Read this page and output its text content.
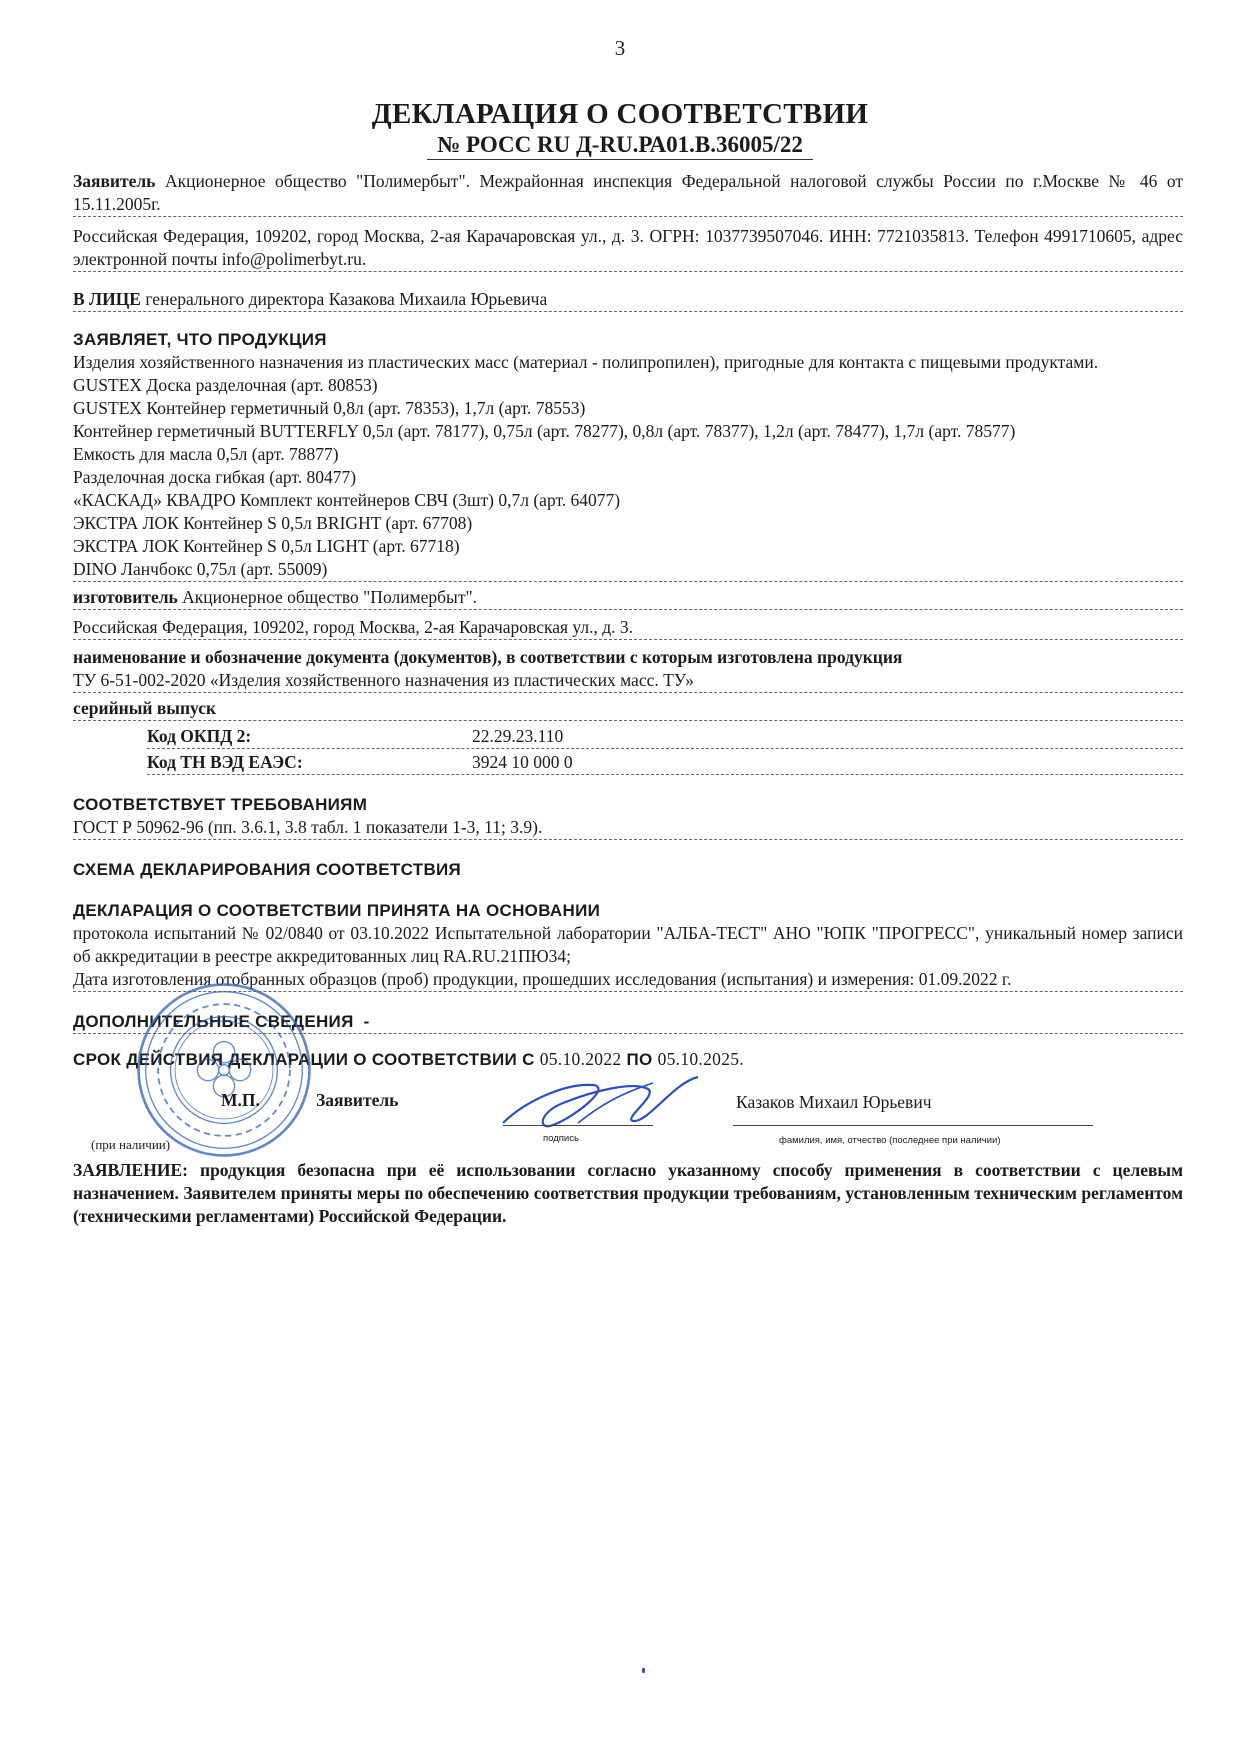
3
ДЕКЛАРАЦИЯ О СООТВЕТСТВИИ
№ РОСС RU Д-RU.РА01.В.36005/22
Заявитель Акционерное общество "Полимербыт". Межрайонная инспекция Федеральной налоговой службы России по г.Москве № 46 от 15.11.2005г.
Российская Федерация, 109202, город Москва, 2-ая Карачаровская ул., д. 3. ОГРН: 1037739507046. ИНН: 7721035813. Телефон 4991710605, адрес электронной почты info@polimerbyt.ru.
В ЛИЦЕ генерального директора Казакова Михаила Юрьевича
ЗАЯВЛЯЕТ, ЧТО ПРОДУКЦИЯ
Изделия хозяйственного назначения из пластических масс (материал - полипропилен), пригодные для контакта с пищевыми продуктами.
GUSTEX Доска разделочная (арт. 80853)
GUSTEX Контейнер герметичный 0,8л (арт. 78353), 1,7л (арт. 78553)
Контейнер герметичный BUTTERFLY 0,5л (арт. 78177), 0,75л (арт. 78277), 0,8л (арт. 78377), 1,2л (арт. 78477), 1,7л (арт. 78577)
Емкость для масла 0,5л (арт. 78877)
Разделочная доска гибкая (арт. 80477)
«КАСКАД» КВАДРО Комплект контейнеров СВЧ (3шт) 0,7л (арт. 64077)
ЭКСТРА ЛОК Контейнер S 0,5л BRIGHT (арт. 67708)
ЭКСТРА ЛОК Контейнер S 0,5л LIGHT (арт. 67718)
DINO Ланчбокс 0,75л (арт. 55009)
изготовитель Акционерное общество "Полимербыт".
Российская Федерация, 109202, город Москва, 2-ая Карачаровская ул., д. 3.
наименование и обозначение документа (документов), в соответствии с которым изготовлена продукция
ТУ 6-51-002-2020 «Изделия хозяйственного назначения из пластических масс. ТУ»
серийный выпуск
Код ОКПД 2:	22.29.23.110
Код ТН ВЭД ЕАЭС:	3924 10 000 0
СООТВЕТСТВУЕТ ТРЕБОВАНИЯМ
ГОСТ Р 50962-96 (пп. 3.6.1, 3.8 табл. 1 показатели 1-3, 11; 3.9).
СХЕМА ДЕКЛАРИРОВАНИЯ СООТВЕТСТВИЯ
ДЕКЛАРАЦИЯ О СООТВЕТСТВИИ ПРИНЯТА НА ОСНОВАНИИ
протокола испытаний № 02/0840 от 03.10.2022 Испытательной лаборатории "АЛБА-ТЕСТ" АНО "ЮПК "ПРОГРЕСС", уникальный номер записи об аккредитации в реестре аккредитованных лиц RA.RU.21ПЮ34;
Дата изготовления отобранных образцов (проб) продукции, прошедших исследования (испытания) и измерения: 01.09.2022 г.
ДОПОЛНИТЕЛЬНЫЕ СВЕДЕНИЯ -
СРОК ДЕЙСТВИЯ ДЕКЛАРАЦИИ О СООТВЕТСТВИИ С 05.10.2022 ПО 05.10.2025.
М.П.	Заявитель
подпись
Казаков Михаил Юрьевич
фамилия, имя, отчество (последнее при наличии)
(при наличии)
ЗАЯВЛЕНИЕ: продукция безопасна при её использовании согласно указанному способу применения в соответствии с целевым назначением. Заявителем приняты меры по обеспечению соответствия продукции требованиям, установленным техническим регламентом (техническими регламентами) Российской Федерации.
